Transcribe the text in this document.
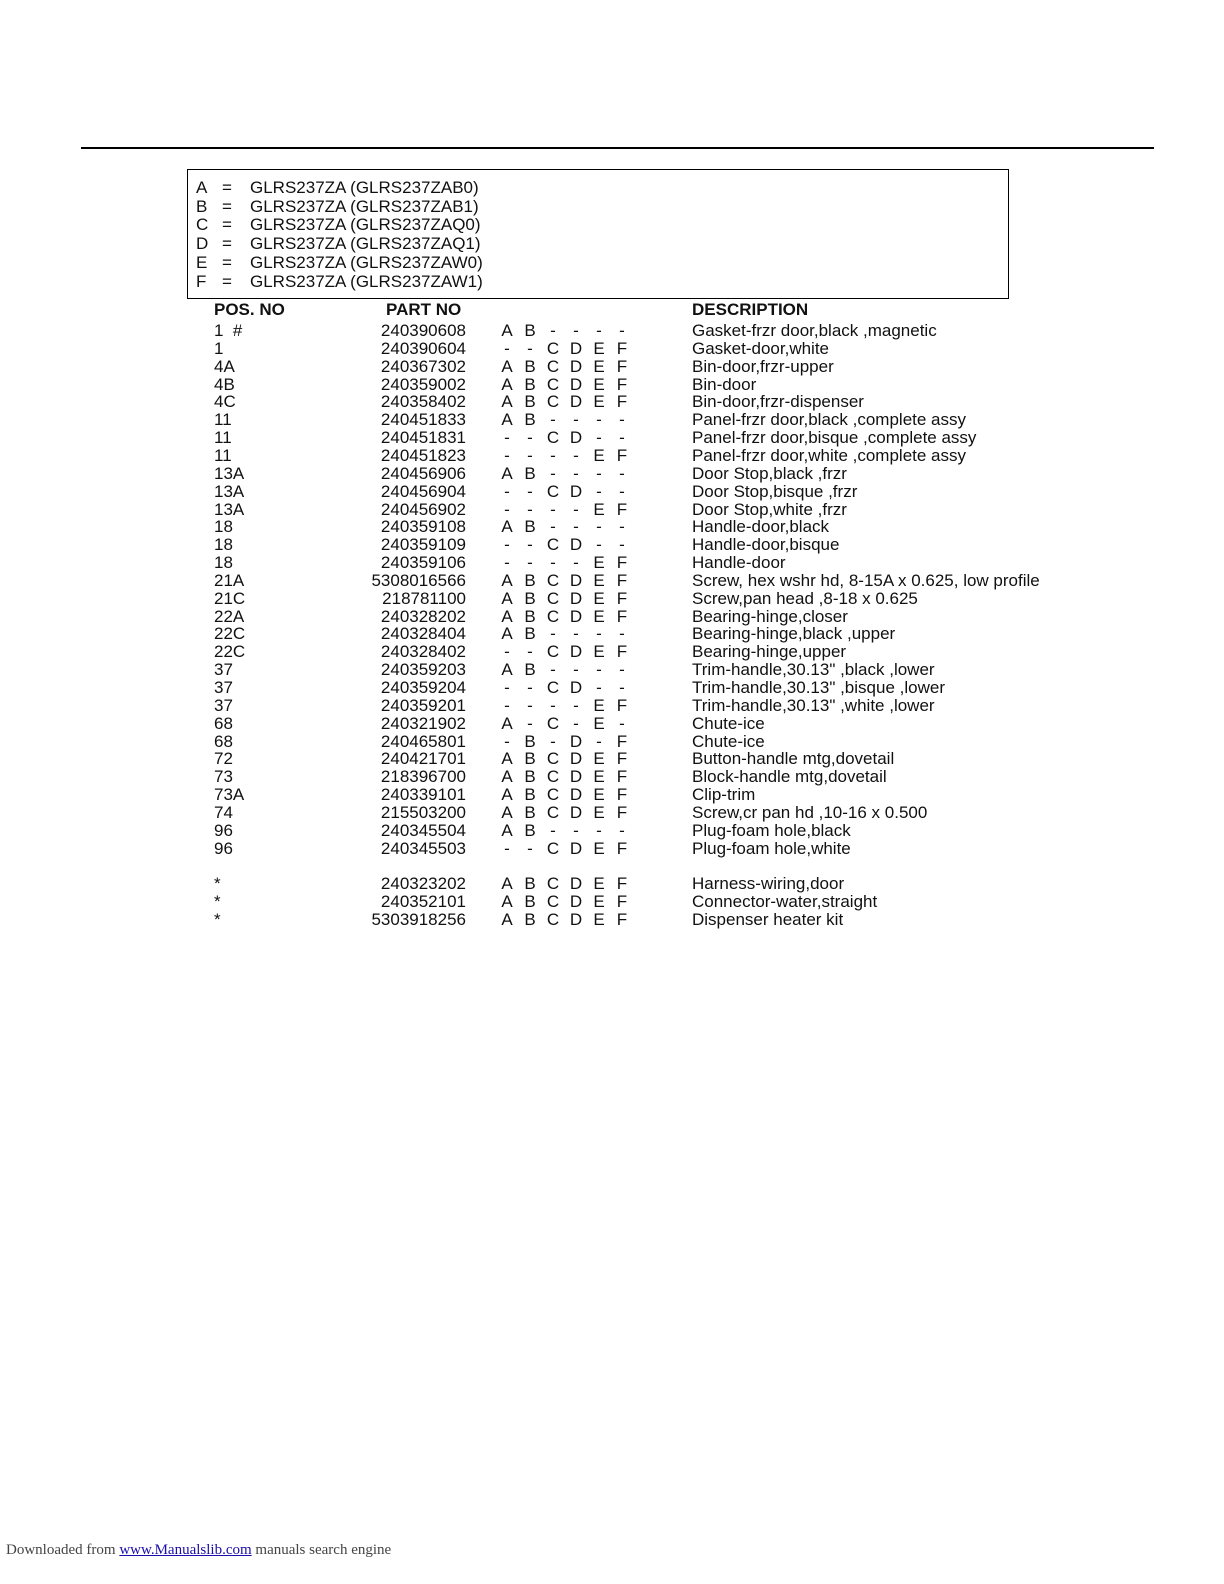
A = GLRS237ZA (GLRS237ZAB0)
B = GLRS237ZA (GLRS237ZAB1)
C = GLRS237ZA (GLRS237ZAQ0)
D = GLRS237ZA (GLRS237ZAQ1)
E = GLRS237ZA (GLRS237ZAW0)
F = GLRS237ZA (GLRS237ZAW1)
POS. NO	PART NO	DESCRIPTION
1  #	240390608 A B - - - -	Gasket-frzr door,black ,magnetic
1	240390604 - - C D E F	Gasket-door,white
4A	240367302 A B C D E F	Bin-door,frzr-upper
4B	240359002 A B C D E F	Bin-door
4C	240358402 A B C D E F	Bin-door,frzr-dispenser
11	240451833 A B - - - -	Panel-frzr door,black ,complete assy
11	240451831 - - C D - -	Panel-frzr door,bisque ,complete assy
11	240451823 - - - - E F	Panel-frzr door,white ,complete assy
13A	240456906 A B - - - -	Door Stop,black ,frzr
13A	240456904 - - C D - -	Door Stop,bisque ,frzr
13A	240456902 - - - - E F	Door Stop,white ,frzr
18	240359108 A B - - - -	Handle-door,black
18	240359109 - - C D - -	Handle-door,bisque
18	240359106 - - - - E F	Handle-door
21A	5308016566 A B C D E F	Screw, hex wshr hd, 8-15A x 0.625, low profile
21C	218781100 A B C D E F	Screw,pan head ,8-18 x 0.625
22A	240328202 A B C D E F	Bearing-hinge,closer
22C	240328404 A B - - - -	Bearing-hinge,black ,upper
22C	240328402 - - C D E F	Bearing-hinge,upper
37	240359203 A B - - - -	Trim-handle,30.13" ,black ,lower
37	240359204 - - C D - -	Trim-handle,30.13" ,bisque ,lower
37	240359201 - - - - E F	Trim-handle,30.13" ,white ,lower
68	240321902 A - C - E -	Chute-ice
68	240465801 - B - D - F	Chute-ice
72	240421701 A B C D E F	Button-handle mtg,dovetail
73	218396700 A B C D E F	Block-handle mtg,dovetail
73A	240339101 A B C D E F	Clip-trim
74	215503200 A B C D E F	Screw,cr pan hd ,10-16 x 0.500
96	240345504 A B - - - -	Plug-foam hole,black
96	240345503 - - C D E F	Plug-foam hole,white
*	240323202 A B C D E F	Harness-wiring,door
*	240352101 A B C D E F	Connector-water,straight
*	5303918256 A B C D E F	Dispenser heater kit
Downloaded from www.Manualslib.com manuals search engine
